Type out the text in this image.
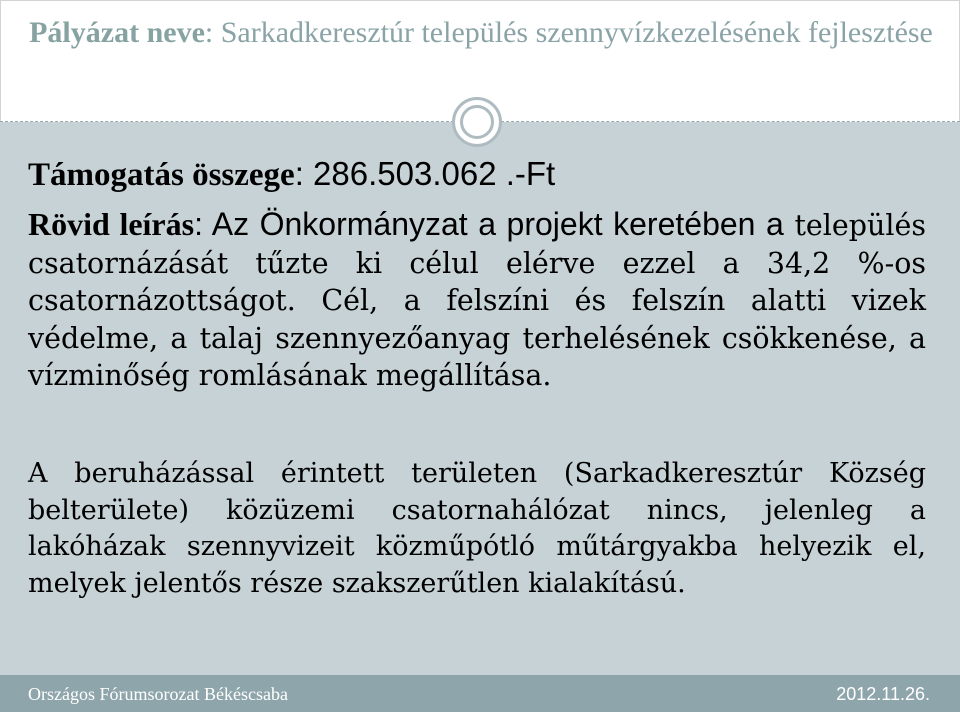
Pályázat neve: Sarkadkeresztúr település szennyvízkezelésének fejlesztése
Támogatás összege: 286.503.062 .-Ft
Rövid leírás: Az Önkormányzat a projekt keretében a település csatornázását tűzte ki célul elérve ezzel a 34,2 %-os csatornázottságot. Cél, a felszíni és felszín alatti vizek védelme, a talaj szennyezőanyag terhelésének csökkenése, a vízminőség romlásának megállítása.
A beruházással érintett területen (Sarkadkeresztúr Község belterülete) közüzemi csatornahálózat nincs, jelenleg a lakóházak szennyvizeit közműpótló műtárgyakba helyezik el, melyek jelentős része szakszerűtlen kialakítású.
Országos Fórumsorozat Békéscsaba	2012.11.26.
